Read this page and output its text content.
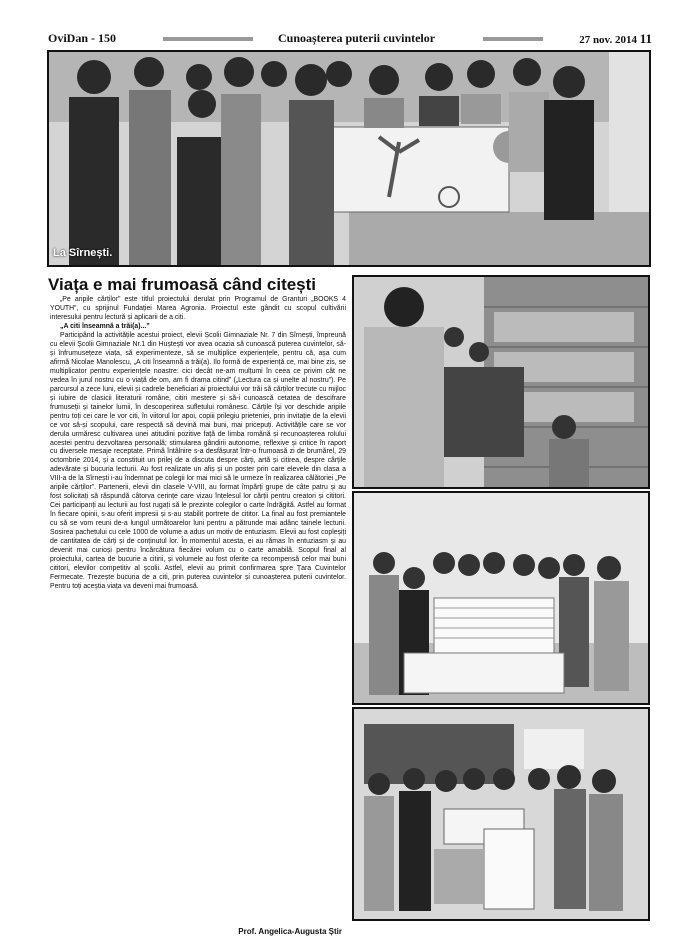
OviDan - 150	Cunoașterea puterii cuvintelor	27 nov. 2014 11
La Sîrnești.
Viața e mai frumoasă când citești

„Pe aripile cărților” este titlul proiectului derulat prin Programul de Granturi „BOOKS 4 YOUTH”, cu sprijinul Fundației Marea Agronia. Proiectul este gândit cu scopul cultivării interesului pentru lectură și aplicarii de a citi.

„A citi înseamnă a trăi(a)...”

Participând la activitățile acestui proiect, elevii Școlii Gimnaziale Nr. 7 din Sîrnești, împreună cu elevii Școlii Gimnaziale Nr.1 din Huștești vor avea ocazia să cunoască puterea cuvintelor, să-și înfrumusețeze viața, să experimenteze, să se multiplice experiențele, pentru că, așa cum afirmă Nicolae Manolescu, „A citi înseamnă a trăi(a). Ilo formă de experiență ce, mai bine zis, se multiplicator pentru experiențele noastre: cici decât ne-am mulțumi în ceea ce privim cât ne vedea în jurul nostru cu o viață de om, am fi drama citind” („Lectura ca și unelte al nostru”). Pe parcursul a zece luni, elevii și cadrele beneficiari ai proiectului vor trăi să cărților trecute cu mijloc și iubire de clasicii literaturii române, citiri mestere și să-i cunoască cetatea de descifrare frumuseții și tainelor lumii, în descoperirea sufletului românesc. Cărțile își vor deschide aripile pentru toți cei care le vor citi, în viitorul lor apoi, copiii prilegiu prieteniei, prin invitație de la elevii ce vor să-și scopului, care respectă să devină mai buni, mai pricepuți. Activitățile care se vor derula urmăresc cultivarea unei atitudini pozitive față de limba română și recunoașterea rolului acestei pentru dezvoltarea personală; stimularea gândirii autonome, reflexive și critice în raport cu diversele mesaje receptate. Primă întâlnire s-a desfășurat într-o frumoasă zi de brumărel, 29 octombrie 2014, și a constituit un prilej de a discuta despre cărți, artă și citirea, despre cărțile adevărate și bucuria lecturii. Au fost realizate un afiș și un poster prin care elevele din clasa a VIII-a de la Sîrnești i-au îndemnat pe colegii lor mai mici să le urmeze în realizarea călătoriei „Pe aripile cărților”. Partenerii, elevii din clasele V-VIII, au format împărți grupe de câte patru și au fost solicitați să răspundă câtorva cerințe care vizau înțelesul lor cărții pentru creatori și cititori. Cei participanți au lecturii au fost rugați să le prezinte colegilor o carte îndrăgită. Astfel au format în fiecare opinii, s-au oferit impresii și s-au stabilit portrete de cititor. La final au fost premiantele cu să se vom reuni de-a lungul următoarelor luni pentru a pătrunde mai adânc tainele lecturii. Sosirea pachetului cu cele 1000 de volume a adus un motiv de entuziasm. Elevii au fost copleșiți de cantitatea de cărți și de conținutul lor. În momentul acesta, ei au rămas în entuziasm și au devenit mai curioși pentru încărcătura fiecărei volum cu o carte amabilă. Scopul final al proiectului, cartea de bucurie a citirii, și volumele au fost oferite ca recompensă celor mai buni cititori, elevilor competitiv al școlii. Astfel, elevii au primit confirmarea spre Țara Cuvintelor Fermecate. Trezește bucuria de a citi, prin puterea cuvintelor și cunoașterea puterii cuvintelor. Pentru toți aceștia viața va deveni mai frumoasă.

Prof. Angelica-Augusta Știr
